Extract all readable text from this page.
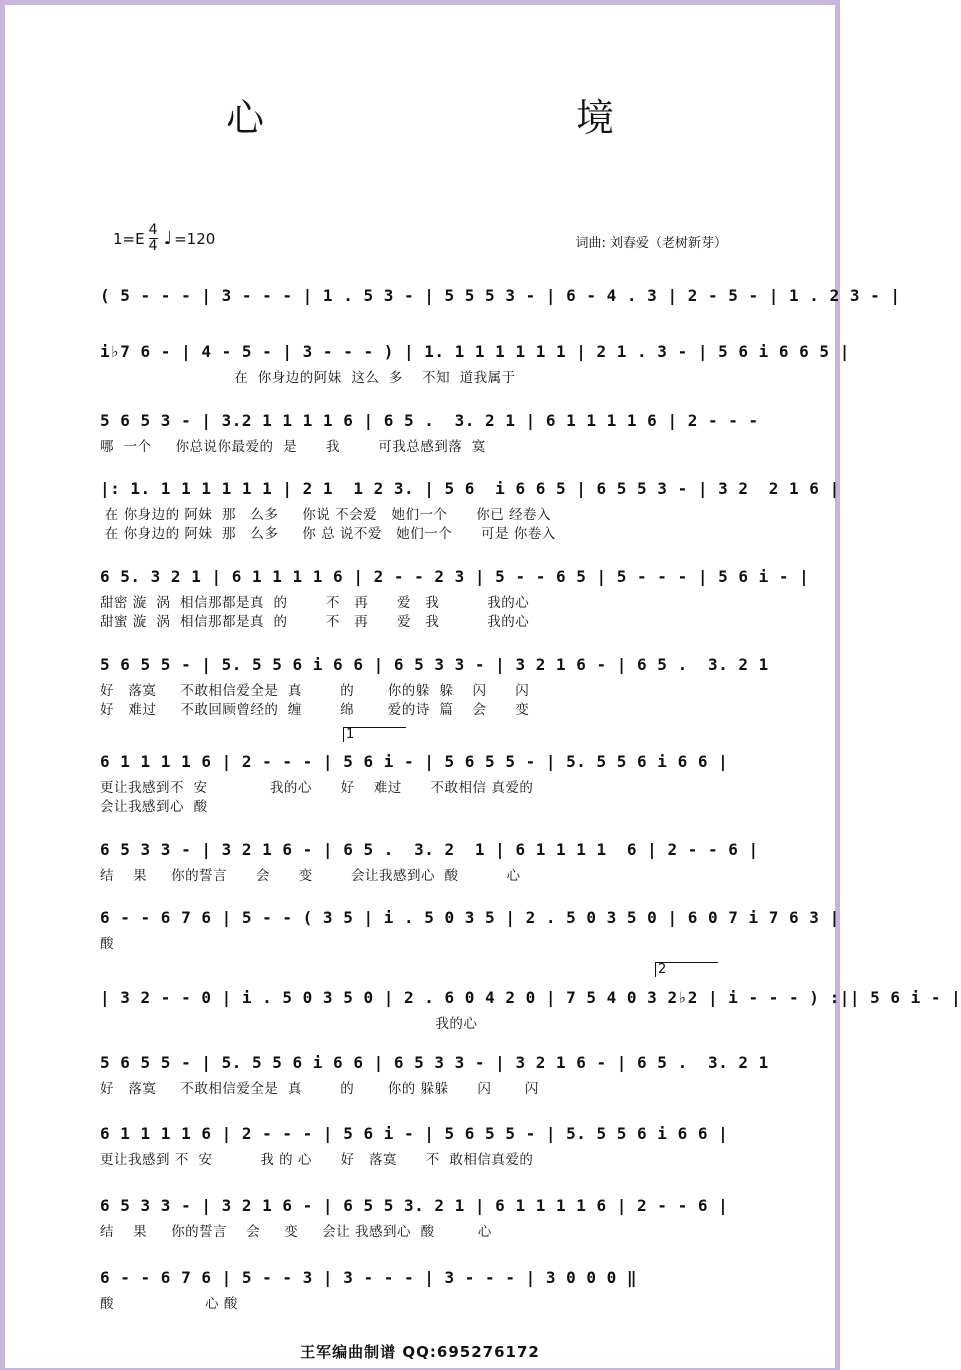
心 境
$1=E \frac{4}{4}$ ♩ =120	词曲: 刘春爱（老树新芽）
1
2
( 5 - - - | 3 - - - | 1 . 5 3 - | 5 5 5 3 - | 6 - 4 . 3 | 2 - 5 - | 1 . 2 3 - |
i♭7 6 - | 4 - 5 - | 3 - - - ) | 1. 1 1 1 1 1 1 | 2 1 . 3 - | 5 6 i 6 6 5 |
在  你身边的阿妹  这么  多    不知  道我属于
5 6 5 3 - | 3.2 1 1 1 1 6 | 6 5 .  3. 2 1 | 6 1 1 1 1 6 | 2 - - -
哪  一个     你总说你最爱的  是      我        可我总感到落  寞
|: 1. 1 1 1 1 1 1 | 2 1  1 2 3. | 5 6  i 6 6 5 | 6 5 5 3 - | 3 2  2 1 6 |
在 你身边的 阿妹  那   么多     你说 不会爱   她们一个      你已 经卷入
在 你身边的 阿妹  那   么多     你 总 说不爱   她们一个      可是 你卷入
6 5. 3 2 1 | 6 1 1 1 1 6 | 2 - - 2 3 | 5 - - 6 5 | 5 - - - | 5 6 i - |
甜密 漩  涡  相信那都是真  的        不   再      爱   我          我的心
甜蜜 漩  涡  相信那都是真  的        不   再      爱   我          我的心
5 6 5 5 - | 5. 5 5 6 i 6 6 | 6 5 3 3 - | 3 2 1 6 - | 6 5 .  3. 2 1
好   落寞     不敢相信爱全是  真        的       你的躲  躲    闪      闪
好   难过     不敢回顾曾经的  缠        绵       爱的诗  篇    会      变
6 1 1 1 1 6 | 2 - - - | 5 6 i - | 5 6 5 5 - | 5. 5 5 6 i 6 6 |
更让我感到不  安             我的心      好    难过      不敢相信 真爱的
会让我感到心  酸
6 5 3 3 - | 3 2 1 6 - | 6 5 .  3. 2  1 | 6 1 1 1 1  6 | 2 - - 6 |
结    果     你的誓言      会      变        会让我感到心  酸          心
6 - - 6 7 6 | 5 - - ( 3 5 | i . 5 0 3 5 | 2 . 5 0 3 5 0 | 6 0 7 i 7 6 3 |
酸
| 3 2 - - 0 | i . 5 0 3 5 0 | 2 . 6 0 4 2 0 | 7 5 4 0 3 2♭2 | i - - - ) :|| 5 6 i - |
我的心
5 6 5 5 - | 5. 5 5 6 i 6 6 | 6 5 3 3 - | 3 2 1 6 - | 6 5 .  3. 2 1
好   落寞     不敢相信爱全是  真        的       你的 躲躲      闪       闪
6 1 1 1 1 6 | 2 - - - | 5 6 i - | 5 6 5 5 - | 5. 5 5 6 i 6 6 |
更让我感到 不  安          我 的 心      好   落寞      不  敢相信真爱的
6 5 3 3 - | 3 2 1 6 - | 6 5 5 3. 2 1 | 6 1 1 1 1 6 | 2 - - 6 |
结    果     你的誓言    会     变     会让 我感到心  酸         心
6 - - 6 7 6 | 5 - - 3 | 3 - - - | 3 - - - | 3 0 0 0 ‖
酸                   心 酸
王军编曲制谱 QQ:695276172
